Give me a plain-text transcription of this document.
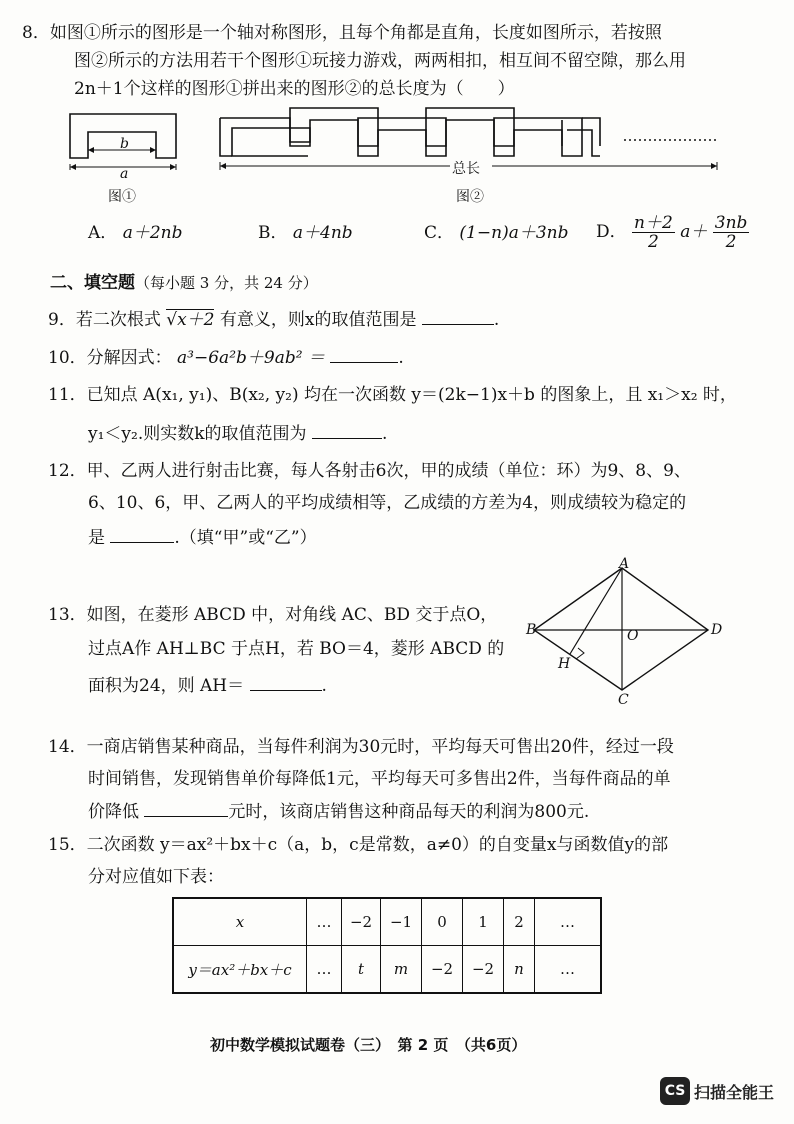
8．如图①所示的图形是一个轴对称图形，且每个角都是直角，长度如图所示，若按照
图②所示的方法用若干个图形①玩接力游戏，两两相扣，相互间不留空隙，那么用
2n＋1个这样的图形①拼出来的图形②的总长度为（　　）
b
a
图①
总长
图②
A． a＋2nb	B． a＋4nb	C． (1−n)a＋3nb D． $\frac{n+2}{2} a+ \frac{3nb}{2}$
二、填空题（每小题 3 分，共 24 分）
9．若二次根式 √x＋2 有意义，则x的取值范围是	.
10．分解因式： a³−6a²b＋9ab² ＝	.
11．已知点 A(x₁, y₁)、B(x₂, y₂) 均在一次函数 y＝(2k−1)x＋b 的图象上，且 x₁＞x₂ 时，
y₁＜y₂.则实数k的取值范围为	.
12．甲、乙两人进行射击比赛，每人各射击6次，甲的成绩（单位：环）为9、8、9、
6、10、6，甲、乙两人的平均成绩相等，乙成绩的方差为4，则成绩较为稳定的
是	.（填“甲”或“乙”）
13．如图，在菱形 ABCD 中，对角线 AC、BD 交于点O，
过点A作 AH⊥BC 于点H，若 BO＝4，菱形 ABCD 的
面积为24，则 AH＝	.
A
B
C
D
O
H
14．一商店销售某种商品，当每件利润为30元时，平均每天可售出20件，经过一段
时间销售，发现销售单价每降低1元，平均每天可多售出2件，当每件商品的单
价降低	元时，该商店销售这种商品每天的利润为800元.
15．二次函数 y＝ax²＋bx＋c（a，b，c是常数，a≠0）的自变量x与函数值y的部
分对应值如下表：
x	…	−2	−1	0	1	2	…
y＝ax²＋bx＋c	…	t	m	−2	−2	n	…
初中数学模拟试题卷（三）　第 2 页　（共6页）
CS 扫描全能王
